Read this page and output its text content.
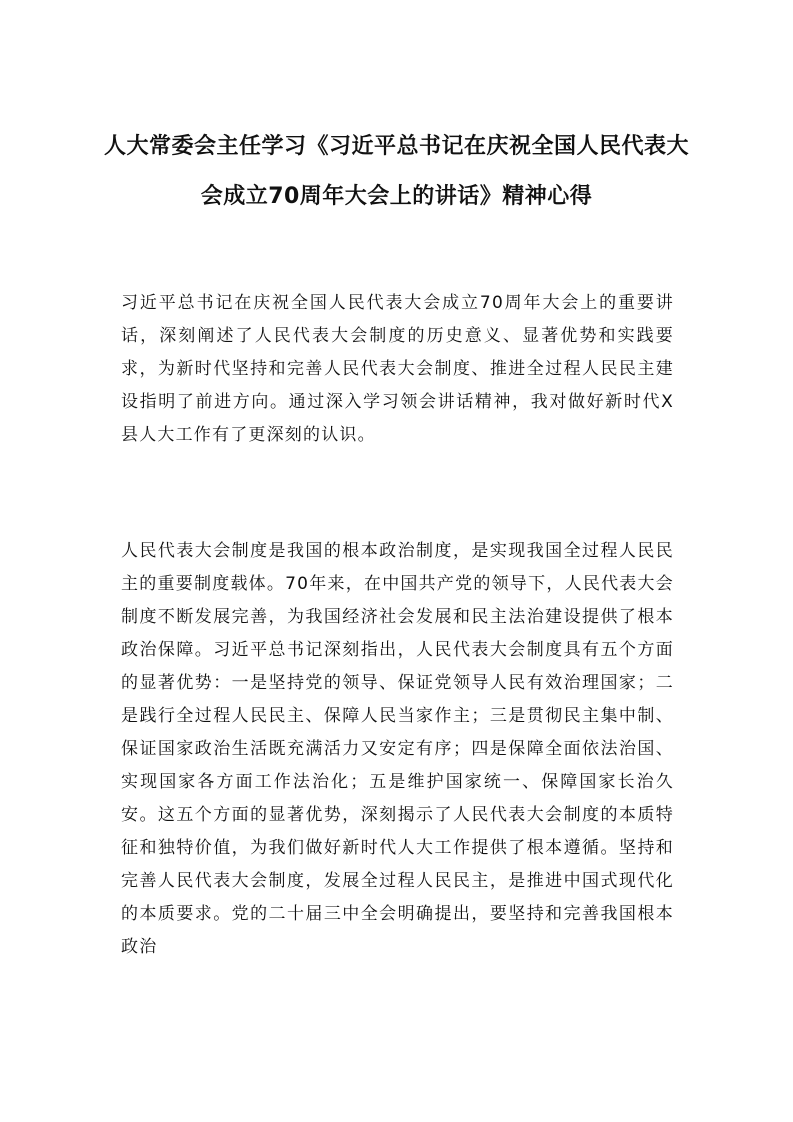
人大常委会主任学习《习近平总书记在庆祝全国人民代表大
会成立70周年大会上的讲话》精神心得

习近平总书记在庆祝全国人民代表大会成立70周年大会上的重要讲话，深刻阐述了人民代表大会制度的历史意义、显著优势和实践要求，为新时代坚持和完善人民代表大会制度、推进全过程人民民主建设指明了前进方向。通过深入学习领会讲话精神，我对做好新时代X县人大工作有了更深刻的认识。

人民代表大会制度是我国的根本政治制度，是实现我国全过程人民民主的重要制度载体。70年来，在中国共产党的领导下，人民代表大会制度不断发展完善，为我国经济社会发展和民主法治建设提供了根本政治保障。习近平总书记深刻指出，人民代表大会制度具有五个方面的显著优势：一是坚持党的领导、保证党领导人民有效治理国家；二是践行全过程人民民主、保障人民当家作主；三是贯彻民主集中制、保证国家政治生活既充满活力又安定有序；四是保障全面依法治国、实现国家各方面工作法治化；五是维护国家统一、保障国家长治久安。这五个方面的显著优势，深刻揭示了人民代表大会制度的本质特征和独特价值，为我们做好新时代人大工作提供了根本遵循。坚持和完善人民代表大会制度，发展全过程人民民主，是推进中国式现代化的本质要求。党的二十届三中全会明确提出，要坚持和完善我国根本政治
